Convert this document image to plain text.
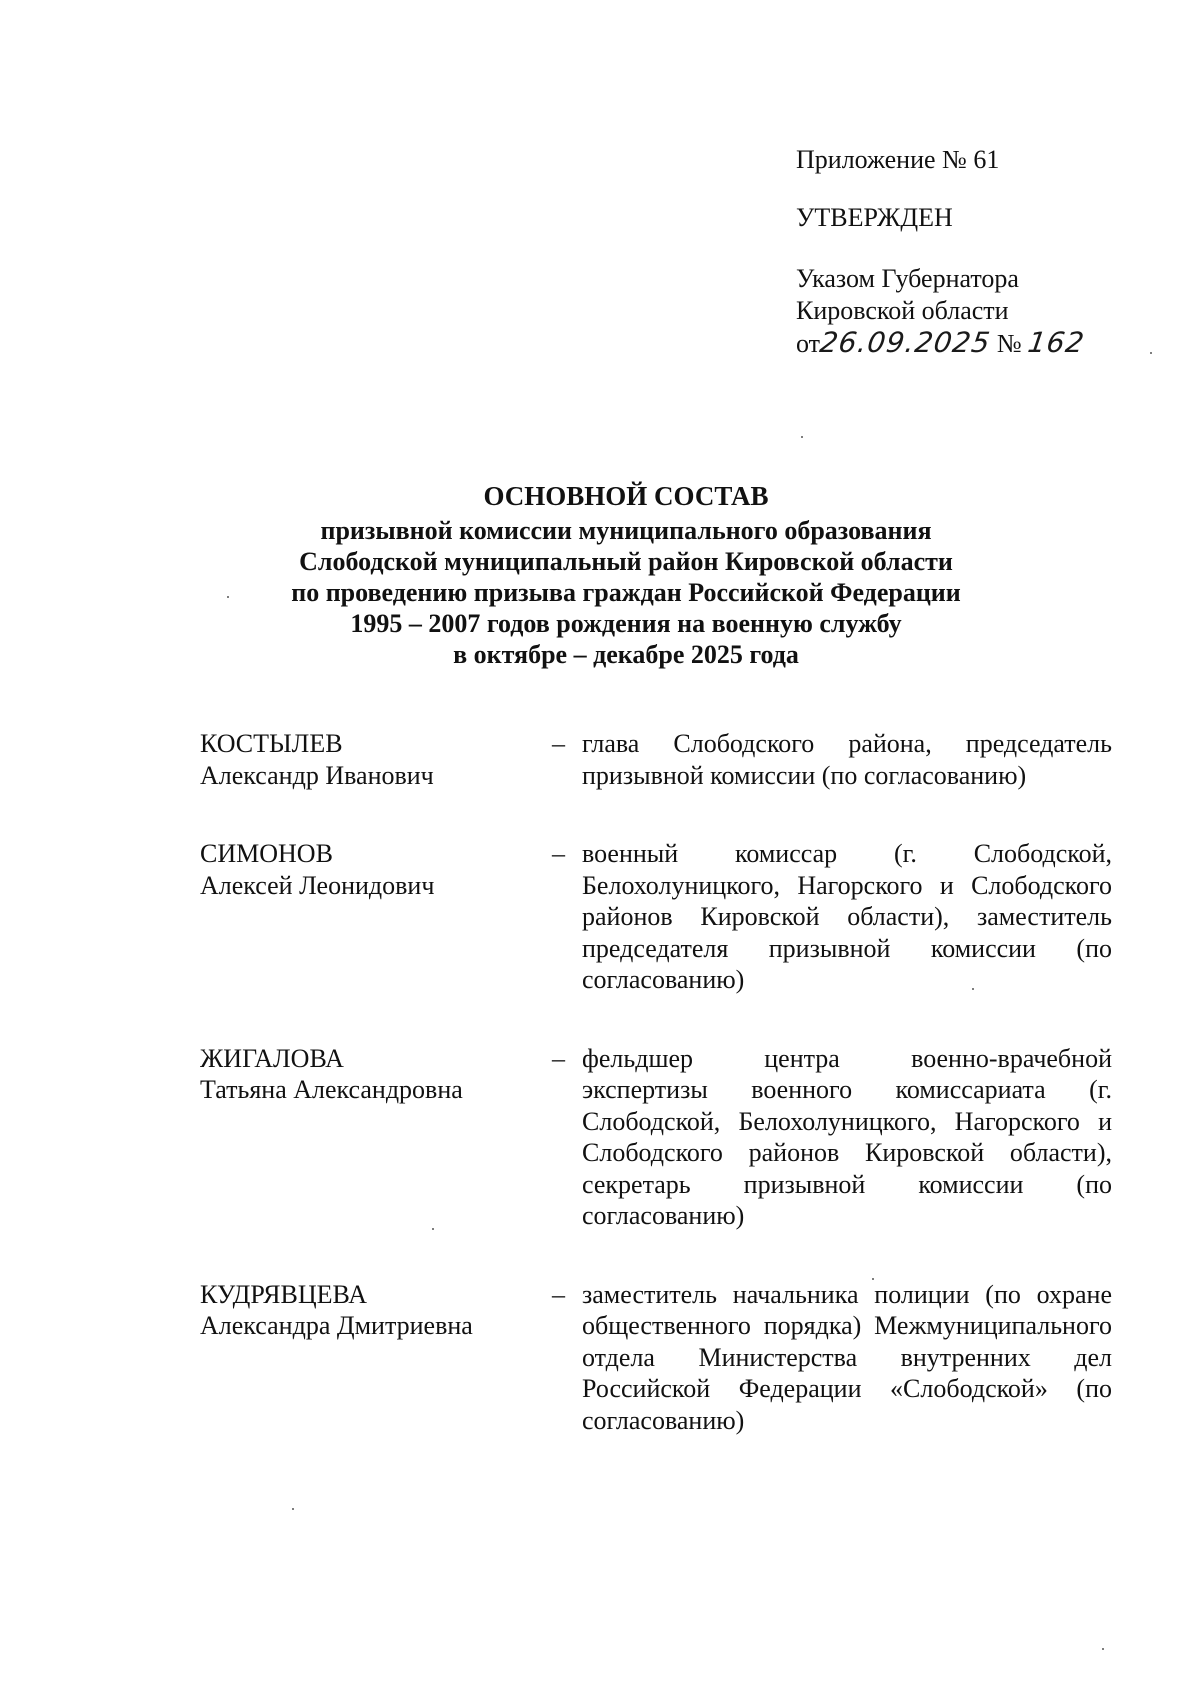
Приложение № 61

УТВЕРЖДЕН

Указом Губернатора

Кировской области

от26.09.2025 № 162

ОСНОВНОЙ СОСТАВ
призывной комиссии муниципального образования
Слободской муниципальный район Кировской области
по проведению призыва граждан Российской Федерации
1995 – 2007 годов рождения на военную службу
в октябре – декабре 2025 года
КОСТЫЛЕВ
Александр Иванович
– глава Слободского района, председатель призывной комиссии (по согласованию)
СИМОНОВ
Алексей Леонидович
– военный комиссар (г. Слободской, Белохолуницкого, Нагорского и Слободского районов Кировской области), заместитель председателя призывной комиссии (по согласованию)
ЖИГАЛОВА
Татьяна Александровна
– фельдшер центра военно-врачебной экспертизы военного комиссариата (г. Слободской, Белохолуницкого, Нагорского и Слободского районов Кировской области), секретарь призывной комиссии (по согласованию)
КУДРЯВЦЕВА
Александра Дмитриевна
– заместитель начальника полиции (по охране общественного порядка) Межмуниципального отдела Министерства внутренних дел Российской Федерации «Слободской» (по согласованию)
